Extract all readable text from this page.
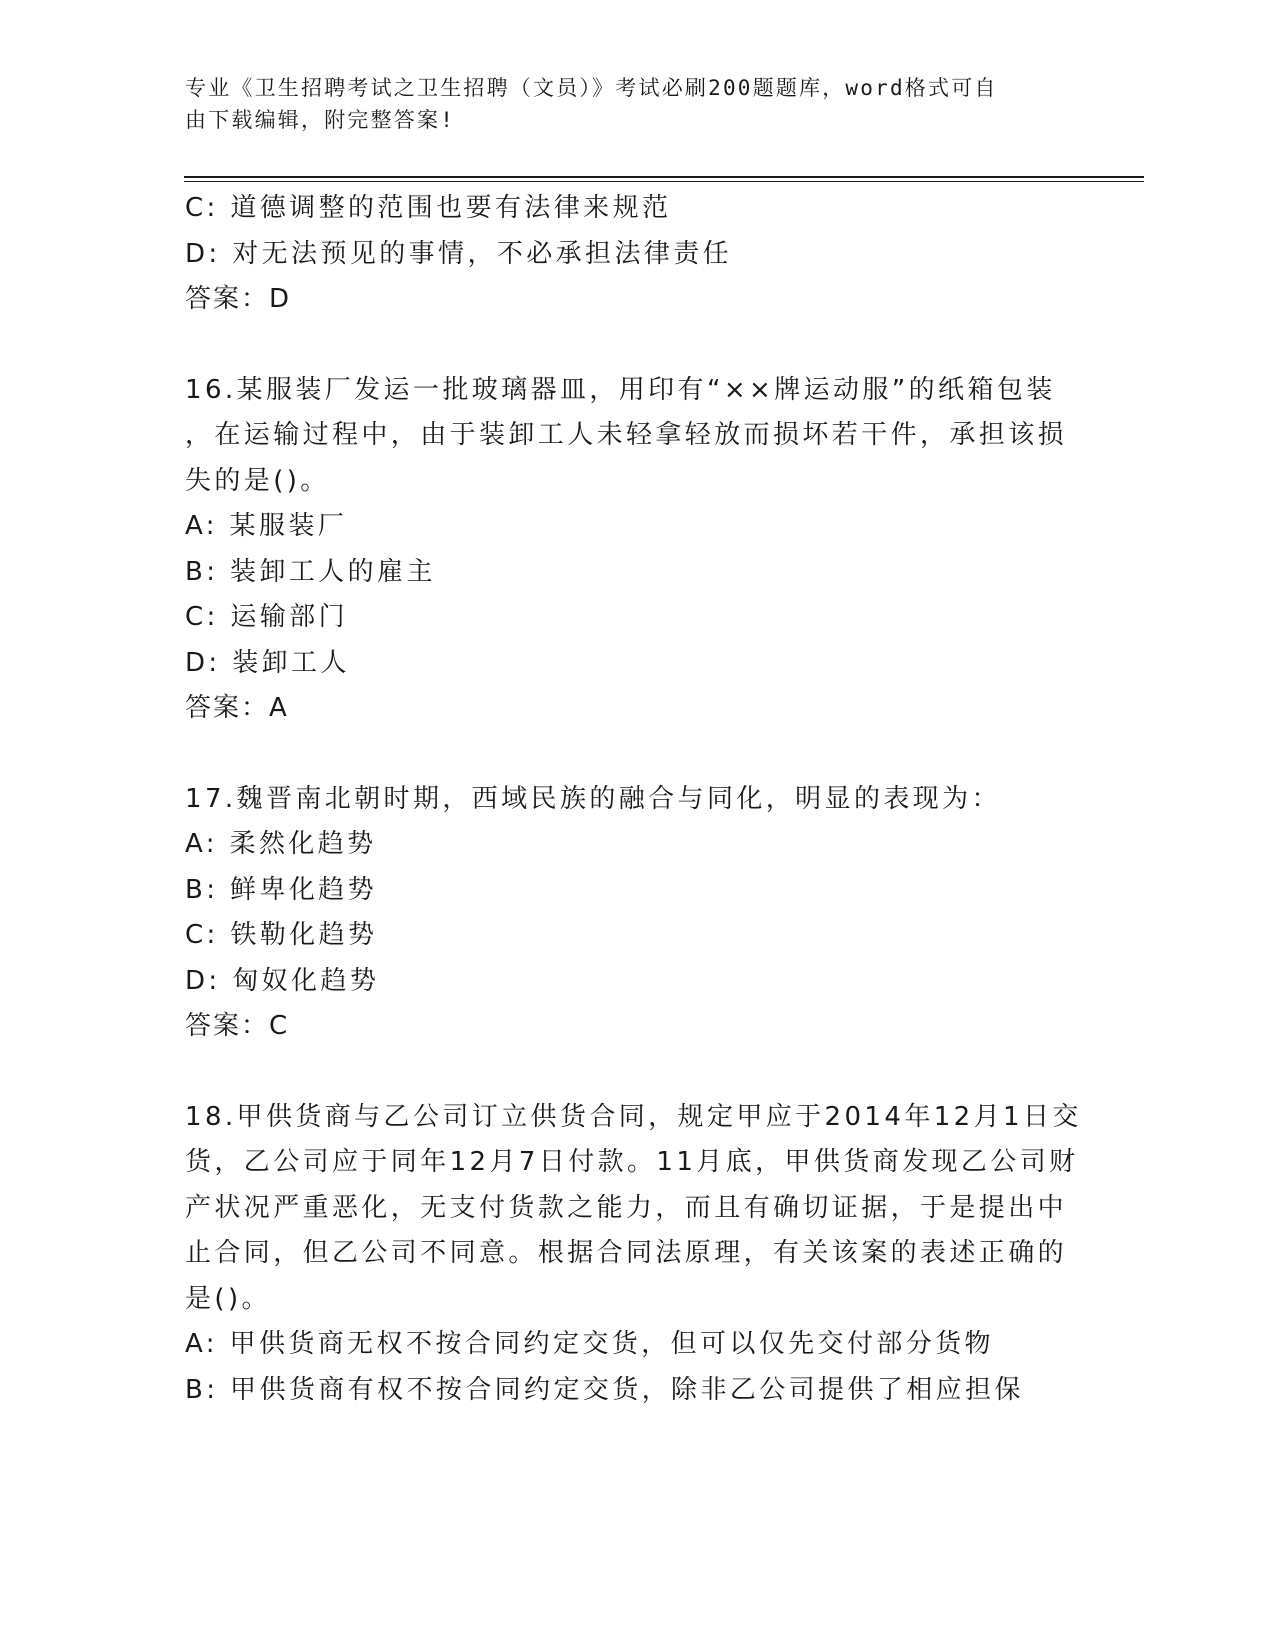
专业《卫生招聘考试之卫生招聘（文员）》考试必刷200题题库，word格式可自
由下载编辑，附完整答案!
C: 道德调整的范围也要有法律来规范
D: 对无法预见的事情，不必承担法律责任
答案：D
16.某服装厂发运一批玻璃器皿，用印有“××牌运动服”的纸箱包装
，在运输过程中，由于装卸工人未轻拿轻放而损坏若干件，承担该损
失的是()。
A: 某服装厂
B: 装卸工人的雇主
C: 运输部门
D: 装卸工人
答案：A
17.魏晋南北朝时期，西域民族的融合与同化，明显的表现为：
A: 柔然化趋势
B: 鲜卑化趋势
C: 铁勒化趋势
D: 匈奴化趋势
答案：C
18.甲供货商与乙公司订立供货合同，规定甲应于2014年12月1日交
货，乙公司应于同年12月7日付款。11月底，甲供货商发现乙公司财
产状况严重恶化，无支付货款之能力，而且有确切证据，于是提出中
止合同，但乙公司不同意。根据合同法原理，有关该案的表述正确的
是()。
A: 甲供货商无权不按合同约定交货，但可以仅先交付部分货物
B: 甲供货商有权不按合同约定交货，除非乙公司提供了相应担保
